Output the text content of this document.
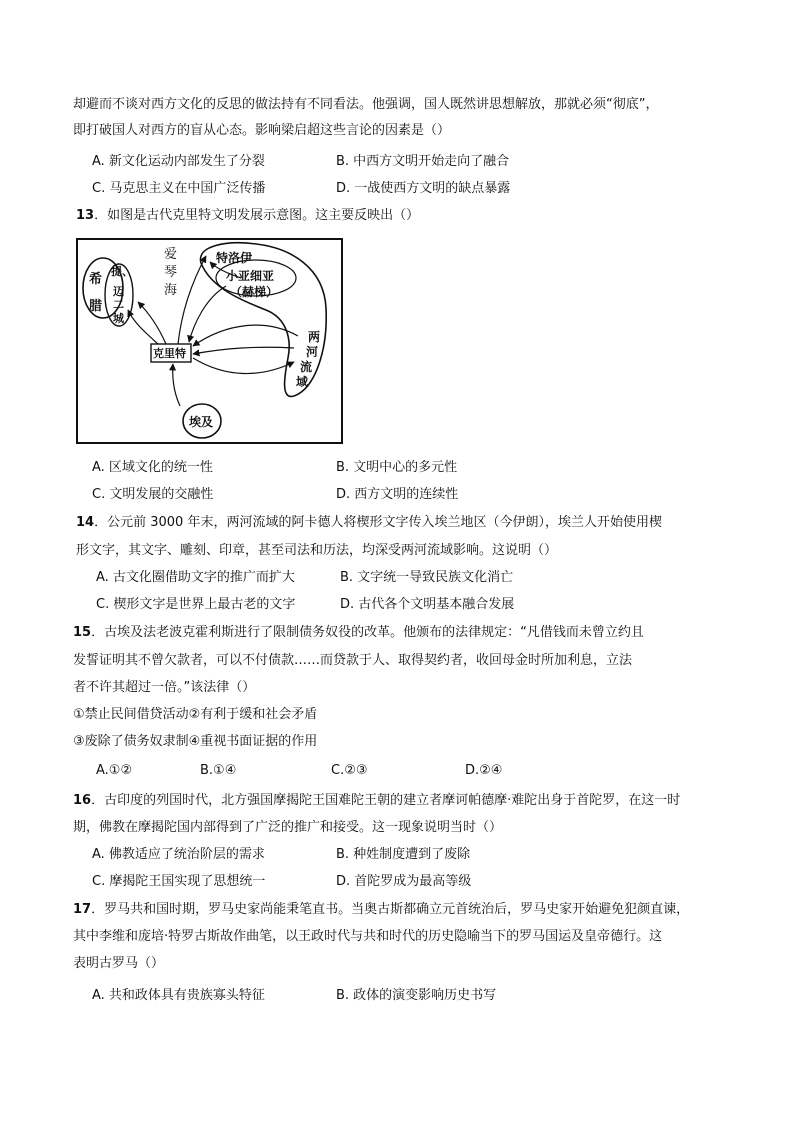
却避而不谈对西方文化的反思的做法持有不同看法。他强调，国人既然讲思想解放，那就必须“彻底”，
即打破国人对西方的盲从心态。影响梁启超这些言论的因素是（）
A. 新文化运动内部发生了分裂	B. 中西方文明开始走向了融合
C. 马克思主义在中国广泛传播	D. 一战使西方文明的缺点暴露
13．如图是古代克里特文明发展示意图。这主要反映出（）
希
腊
提、
迈
二
城
爱
琴
海
特洛伊
小亚细亚
（赫梯）
克里特
两
河
流
域
埃及
A. 区域文化的统一性	B. 文明中心的多元性
C. 文明发展的交融性	D. 西方文明的连续性
14．公元前 3000 年末，两河流域的阿卡德人将楔形文字传入埃兰地区（今伊朗），埃兰人开始使用楔
形文字，其文字、雕刻、印章，甚至司法和历法，均深受两河流域影响。这说明（）
A. 古文化圈借助文字的推广而扩大	B. 文字统一导致民族文化消亡
C. 楔形文字是世界上最古老的文字	D. 古代各个文明基本融合发展
15．古埃及法老波克霍利斯进行了限制债务奴役的改革。他颁布的法律规定：“凡借钱而未曾立约且
发誓证明其不曾欠款者，可以不付债款……而贷款于人、取得契约者，收回母金时所加利息，立法
者不许其超过一倍。”该法律（）
①禁止民间借贷活动②有利于缓和社会矛盾
③废除了债务奴隶制④重视书面证据的作用
A.①②	B.①④	C.②③	D.②④
16．古印度的列国时代，北方强国摩揭陀王国难陀王朝的建立者摩诃帕德摩·难陀出身于首陀罗，在这一时
期，佛教在摩揭陀国内部得到了广泛的推广和接受。这一现象说明当时（）
A. 佛教适应了统治阶层的需求	B. 种姓制度遭到了废除
C. 摩揭陀王国实现了思想统一	D. 首陀罗成为最高等级
17．罗马共和国时期，罗马史家尚能秉笔直书。当奥古斯都确立元首统治后，罗马史家开始避免犯颜直谏，
其中李维和庞培·特罗古斯故作曲笔，以王政时代与共和时代的历史隐喻当下的罗马国运及皇帝德行。这
表明古罗马（）
A. 共和政体具有贵族寡头特征	B. 政体的演变影响历史书写
